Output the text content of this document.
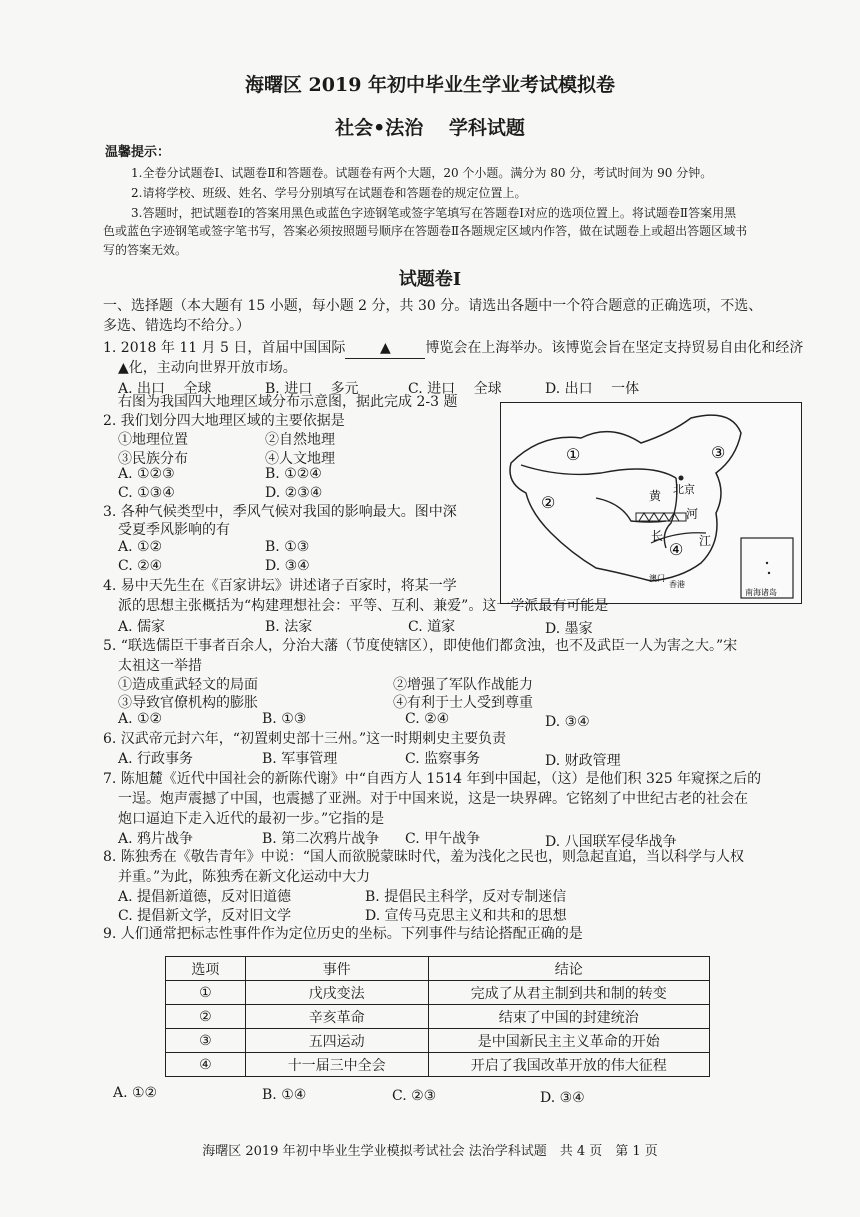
海曙区 2019 年初中毕业生学业考试模拟卷
社会•法治　 学科试题
温馨提示：
1.全卷分试题卷Ⅰ、试题卷Ⅱ和答题卷。试题卷有两个大题，20 个小题。满分为 80 分，考试时间为 90 分钟。
2.请将学校、班级、姓名、学号分别填写在试题卷和答题卷的规定位置上。
3.答题时，把试题卷Ⅰ的答案用黑色或蓝色字迹钢笔或签字笔填写在答题卷Ⅰ对应的选项位置上。将试题卷Ⅱ答案用黑
色或蓝色字迹钢笔或签字笔书写，答案必须按照题号顺序在答题卷Ⅱ各题规定区域内作答，做在试题卷上或超出答题区域书
写的答案无效。
试题卷Ⅰ
一、选择题（本大题有 15 小题，每小题 2 分，共 30 分。请选出各题中一个符合题意的正确选项，不选、
多选、错选均不给分。）
1. 2018 年 11 月 5 日，首届中国国际 ▲ 博览会在上海举办。该博览会旨在坚定支持贸易自由化和经济
▲化，主动向世界开放市场。
A. 出口　 全球	B. 进口　 多元	C. 进口　 全球	D. 出口　 一体
右图为我国四大地理区域分布示意图，据此完成 2-3 题
2. 我们划分四大地理区域的主要依据是
①地理位置	②自然地理
③民族分布	④人文地理
A. ①②③	B. ①②④
C. ①③④	D. ②③④
3. 各种气候类型中，季风气候对我国的影响最大。图中深
受夏季风影响的有
A. ①②	B. ①③
C. ②④	D. ③④
①
②
③
④
北京
黄
河
长	江
澳门
香港
南海诸岛
4. 易中天先生在《百家讲坛》讲述诸子百家时，将某一学
派的思想主张概括为“构建理想社会：平等、互利、兼爱”。这一学派最有可能是
A. 儒家	B. 法家	C. 道家	D. 墨家
5. “联选儒臣干事者百余人，分治大藩（节度使辖区），即使他们都贪浊，也不及武臣一人为害之大。”宋
太祖这一举措
①造成重武轻文的局面	②增强了军队作战能力
③导致官僚机构的膨胀	④有利于士人受到尊重
A. ①②	B. ①③	C. ②④	D. ③④
6. 汉武帝元封六年，“初置刺史部十三州。”这一时期刺史主要负责
A. 行政事务	B. 军事管理	C. 监察事务	D. 财政管理
7. 陈旭麓《近代中国社会的新陈代谢》中“自西方人 1514 年到中国起，（这）是他们积 325 年窥探之后的
一逞。炮声震撼了中国，也震撼了亚洲。对于中国来说，这是一块界碑。它铭刻了中世纪古老的社会在
炮口逼迫下走入近代的最初一步。”它指的是
A. 鸦片战争	B. 第二次鸦片战争 C. 甲午战争	D. 八国联军侵华战争
8. 陈独秀在《敬告青年》中说：“国人而欲脱蒙昧时代，羞为浅化之民也，则急起直追，当以科学与人权
并重。”为此，陈独秀在新文化运动中大力
A. 提倡新道德，反对旧道德	B. 提倡民主科学，反对专制迷信
C. 提倡新文学，反对旧文学	D. 宣传马克思主义和共和的思想
9. 人们通常把标志性事件作为定位历史的坐标。下列事件与结论搭配正确的是
选项	事件	结论
①	戊戌变法	完成了从君主制到共和制的转变
②	辛亥革命	结束了中国的封建统治
③	五四运动	是中国新民主主义革命的开始
④	十一届三中全会	开启了我国改革开放的伟大征程
A. ①②	B. ①④	C. ②③	D. ③④
海曙区 2019 年初中毕业生学业模拟考试社会 法治学科试题　共 4 页　第 1 页
